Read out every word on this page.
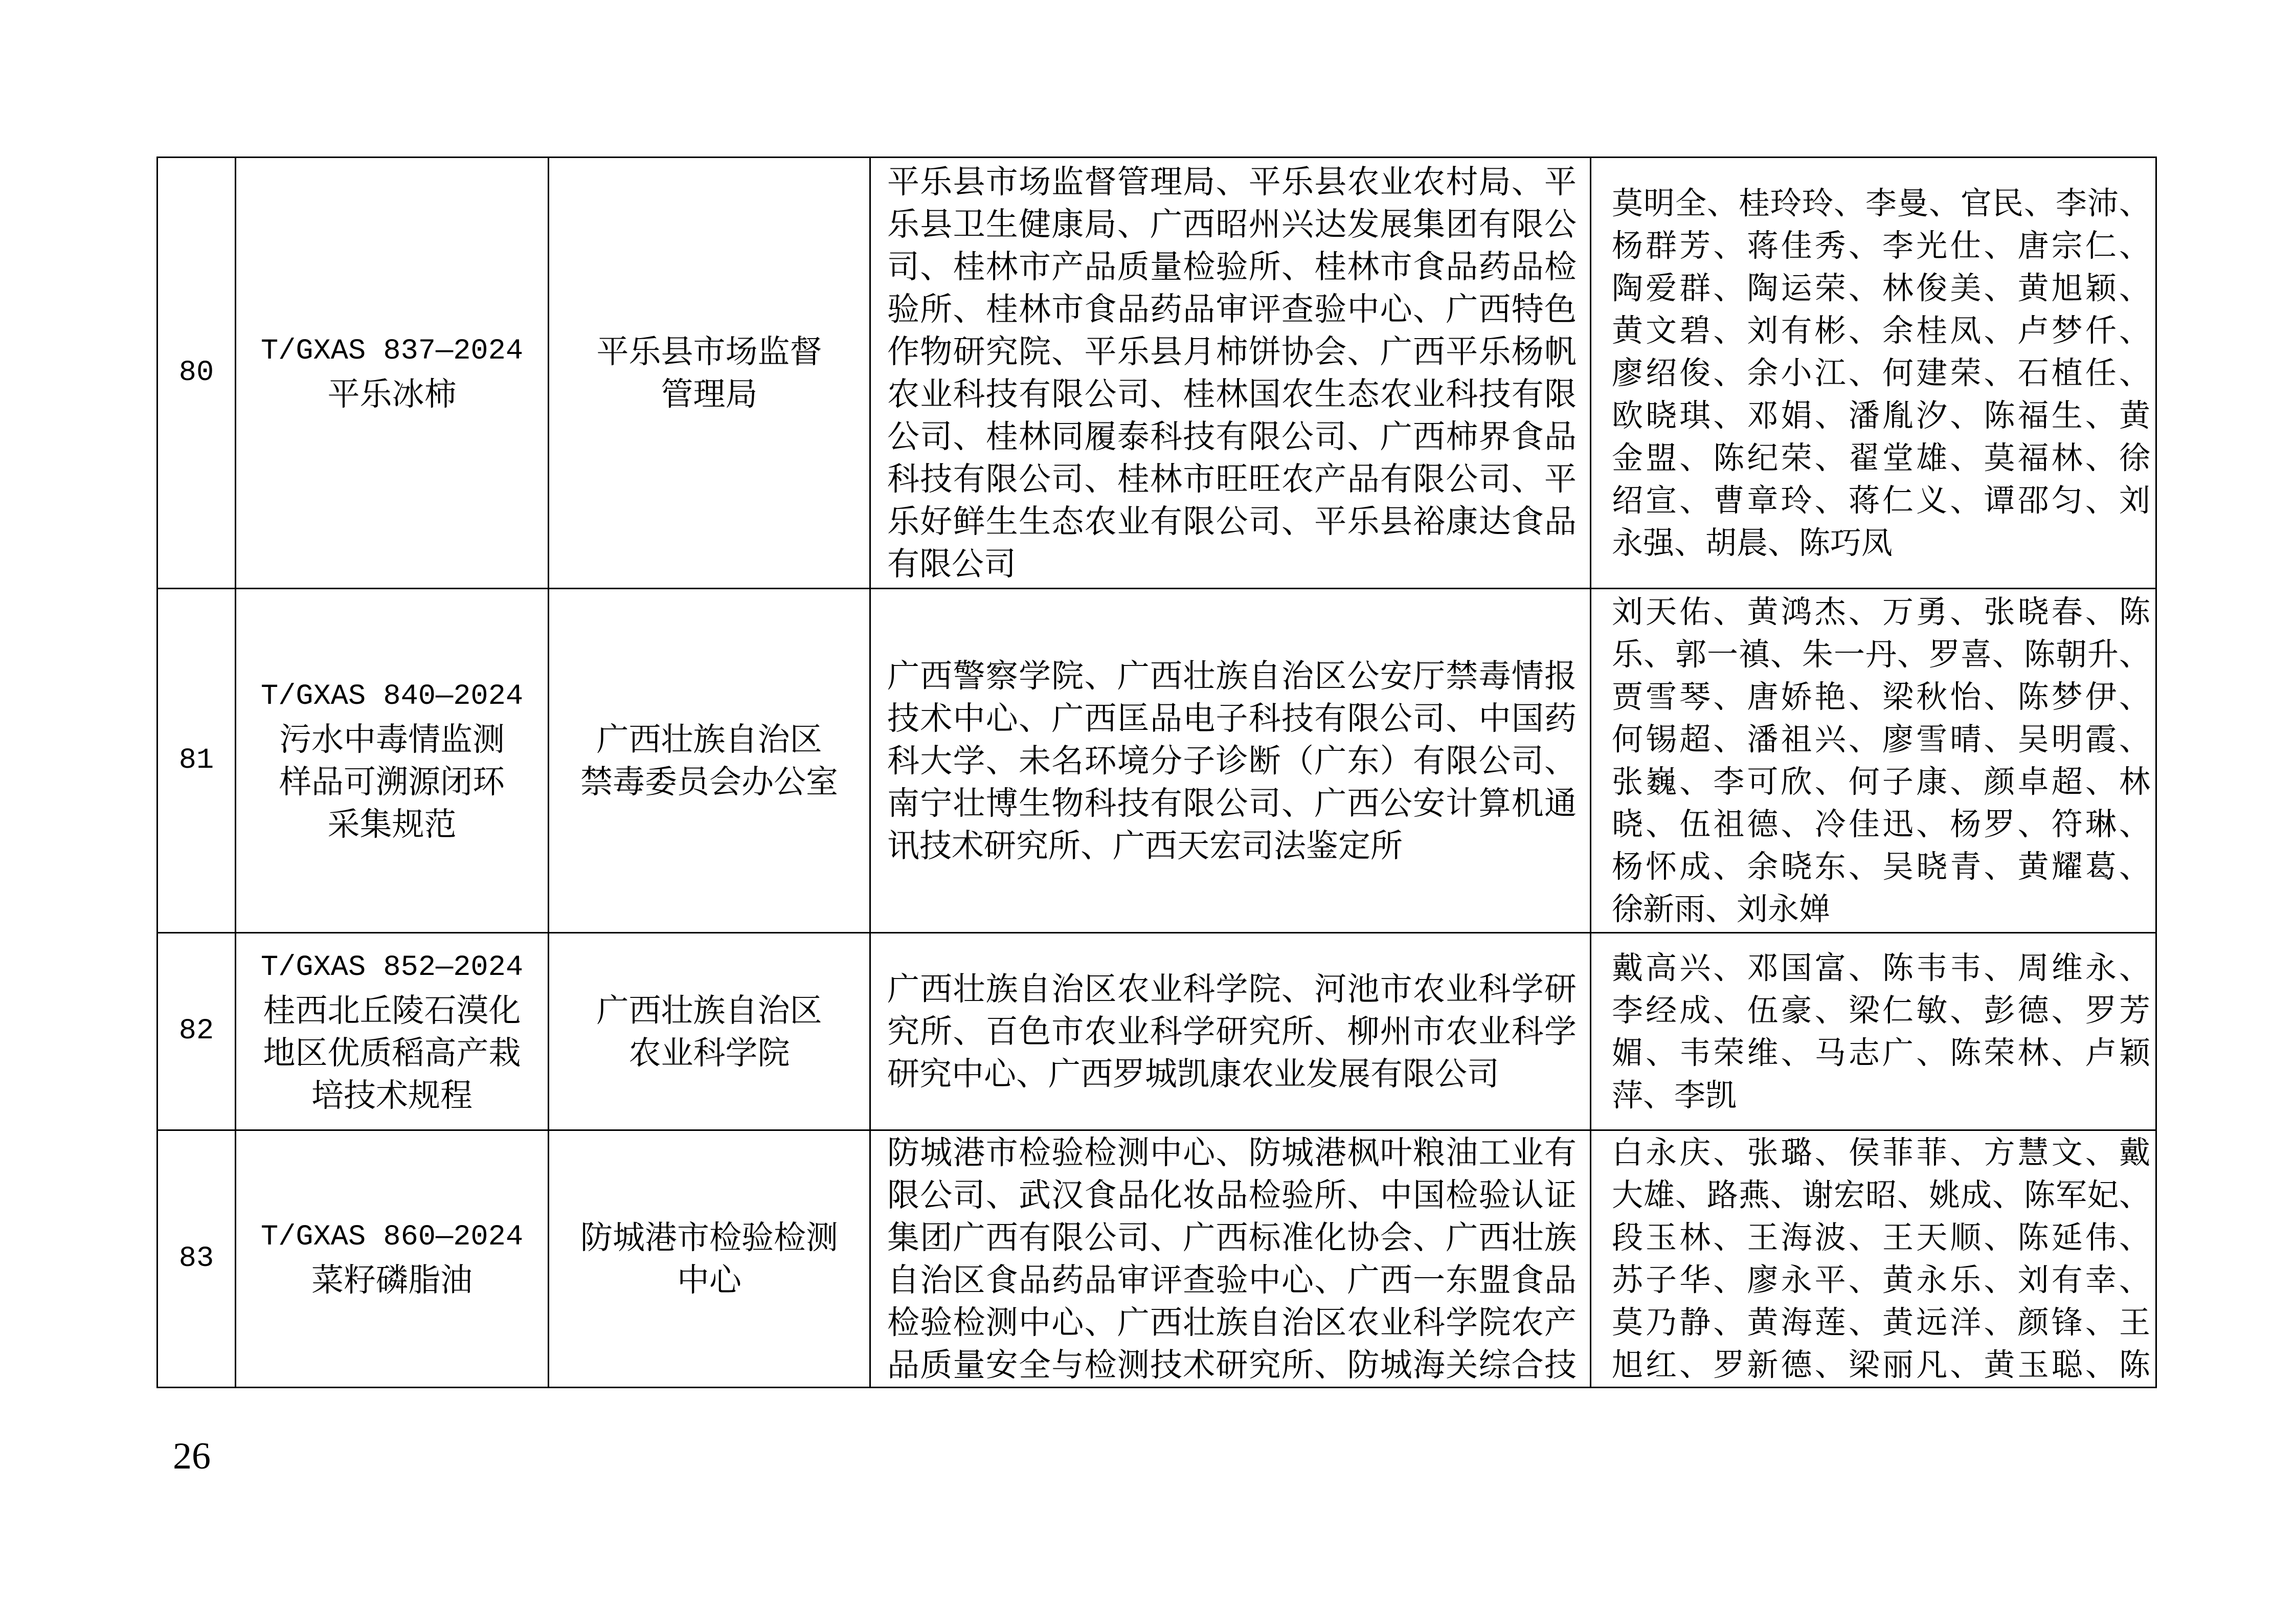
80
T/GXAS 837—2024
平乐冰柿
平乐县市场监督
管理局
平乐县市场监督管理局、平乐县农业农村局、平
乐县卫生健康局、广西昭州兴达发展集团有限公
司、桂林市产品质量检验所、桂林市食品药品检
验所、桂林市食品药品审评查验中心、广西特色
作物研究院、平乐县月柿饼协会、广西平乐杨帆
农业科技有限公司、桂林国农生态农业科技有限
公司、桂林同履泰科技有限公司、广西柿界食品
科技有限公司、桂林市旺旺农产品有限公司、平
乐好鲜生生态农业有限公司、平乐县裕康达食品
有限公司
莫明全、桂玲玲、李曼、官民、李沛、
杨群芳、蒋佳秀、李光仕、唐宗仁、
陶爱群、陶运荣、林俊美、黄旭颖、
黄文碧、刘有彬、余桂凤、卢梦仟、
廖绍俊、余小江、何建荣、石植任、
欧晓琪、邓娟、潘胤汐、陈福生、黄
金盟、陈纪荣、翟堂雄、莫福林、徐
绍宣、曹章玲、蒋仁义、谭邵匀、刘
永强、胡晨、陈巧凤
81
T/GXAS 840—2024
污水中毒情监测
样品可溯源闭环
采集规范
广西壮族自治区
禁毒委员会办公室
广西警察学院、广西壮族自治区公安厅禁毒情报
技术中心、广西匡品电子科技有限公司、中国药
科大学、未名环境分子诊断（广东）有限公司、
南宁壮博生物科技有限公司、广西公安计算机通
讯技术研究所、广西天宏司法鉴定所
刘天佑、黄鸿杰、万勇、张晓春、陈
乐、郭一禛、朱一丹、罗喜、陈朝升、
贾雪琴、唐娇艳、梁秋怡、陈梦伊、
何锡超、潘祖兴、廖雪晴、吴明霞、
张巍、李可欣、何子康、颜卓超、林
晓、伍祖德、冷佳迅、杨罗、符琳、
杨怀成、余晓东、吴晓青、黄耀葛、
徐新雨、刘永婵
82
T/GXAS 852—2024
桂西北丘陵石漠化
地区优质稻高产栽
培技术规程
广西壮族自治区
农业科学院
广西壮族自治区农业科学院、河池市农业科学研
究所、百色市农业科学研究所、柳州市农业科学
研究中心、广西罗城凯康农业发展有限公司
戴高兴、邓国富、陈韦韦、周维永、
李经成、伍豪、梁仁敏、彭德、罗芳
媚、韦荣维、马志广、陈荣林、卢颖
萍、李凯
83
T/GXAS 860—2024
菜籽磷脂油
防城港市检验检测
中心
防城港市检验检测中心、防城港枫叶粮油工业有
限公司、武汉食品化妆品检验所、中国检验认证
集团广西有限公司、广西标准化协会、广西壮族
自治区食品药品审评查验中心、广西一东盟食品
检验检测中心、广西壮族自治区农业科学院农产
品质量安全与检测技术研究所、防城海关综合技
白永庆、张璐、侯菲菲、方慧文、戴
大雄、路燕、谢宏昭、姚成、陈军妃、
段玉林、王海波、王天顺、陈延伟、
苏子华、廖永平、黄永乐、刘有幸、
莫乃静、黄海莲、黄远洋、颜锋、王
旭红、罗新德、梁丽凡、黄玉聪、陈
26
